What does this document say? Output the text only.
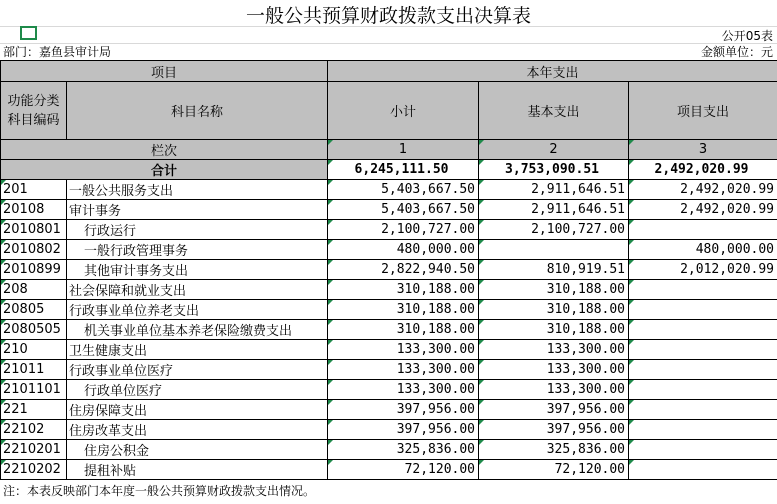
一般公共预算财政拨款支出决算表
公开05表
部门：嘉鱼县审计局	金额单位：元
项目		本年支出		
功能分类
科目编码	科目名称	小计	基本支出	项目支出
栏次		1	2	3
合计		6,245,111.50	3,753,090.51	2,492,020.99
201	一般公共服务支出	5,403,667.50	2,911,646.51	2,492,020.99
20108	审计事务	5,403,667.50	2,911,646.51	2,492,020.99
2010801	行政运行	2,100,727.00	2,100,727.00	
2010802	一般行政管理事务	480,000.00		480,000.00
2010899	其他审计事务支出	2,822,940.50	810,919.51	2,012,020.99
208	社会保障和就业支出	310,188.00	310,188.00	
20805	行政事业单位养老支出	310,188.00	310,188.00	
2080505	机关事业单位基本养老保险缴费支出	310,188.00	310,188.00	
210	卫生健康支出	133,300.00	133,300.00	
21011	行政事业单位医疗	133,300.00	133,300.00	
2101101	行政单位医疗	133,300.00	133,300.00	
221	住房保障支出	397,956.00	397,956.00	
22102	住房改革支出	397,956.00	397,956.00	
2210201	住房公积金	325,836.00	325,836.00	
2210202	提租补贴	72,120.00	72,120.00	
注：本表反映部门本年度一般公共预算财政拨款支出情况。
